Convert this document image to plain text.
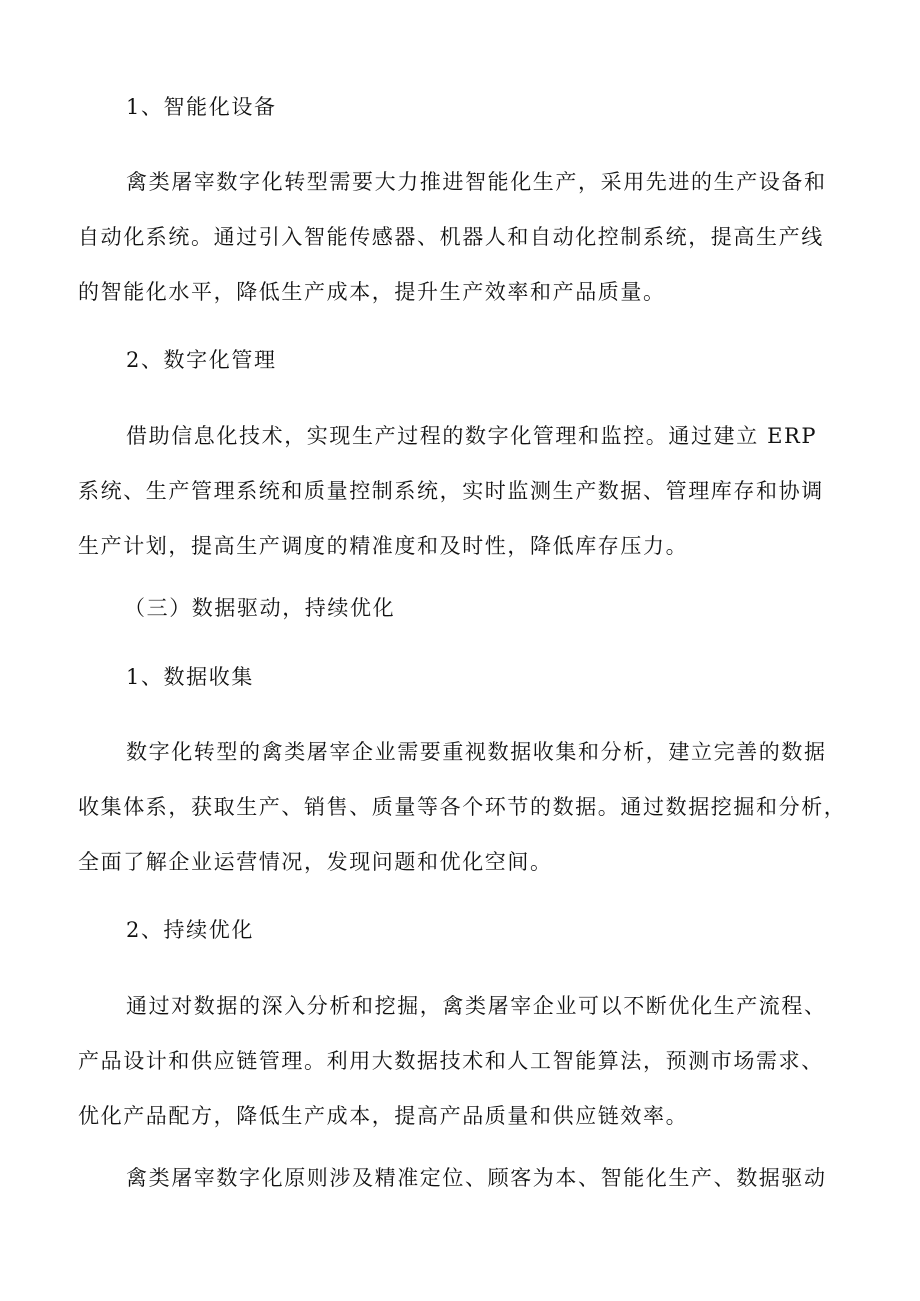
1、智能化设备
禽类屠宰数字化转型需要大力推进智能化生产，采用先进的生产设备和
自动化系统。通过引入智能传感器、机器人和自动化控制系统，提高生产线
的智能化水平，降低生产成本，提升生产效率和产品质量。
2、数字化管理
借助信息化技术，实现生产过程的数字化管理和监控。通过建立 ERP
系统、生产管理系统和质量控制系统，实时监测生产数据、管理库存和协调
生产计划，提高生产调度的精准度和及时性，降低库存压力。
（三）数据驱动，持续优化
1、数据收集
数字化转型的禽类屠宰企业需要重视数据收集和分析，建立完善的数据
收集体系，获取生产、销售、质量等各个环节的数据。通过数据挖掘和分析，
全面了解企业运营情况，发现问题和优化空间。
2、持续优化
通过对数据的深入分析和挖掘，禽类屠宰企业可以不断优化生产流程、
产品设计和供应链管理。利用大数据技术和人工智能算法，预测市场需求、
优化产品配方，降低生产成本，提高产品质量和供应链效率。
禽类屠宰数字化原则涉及精准定位、顾客为本、智能化生产、数据驱动
